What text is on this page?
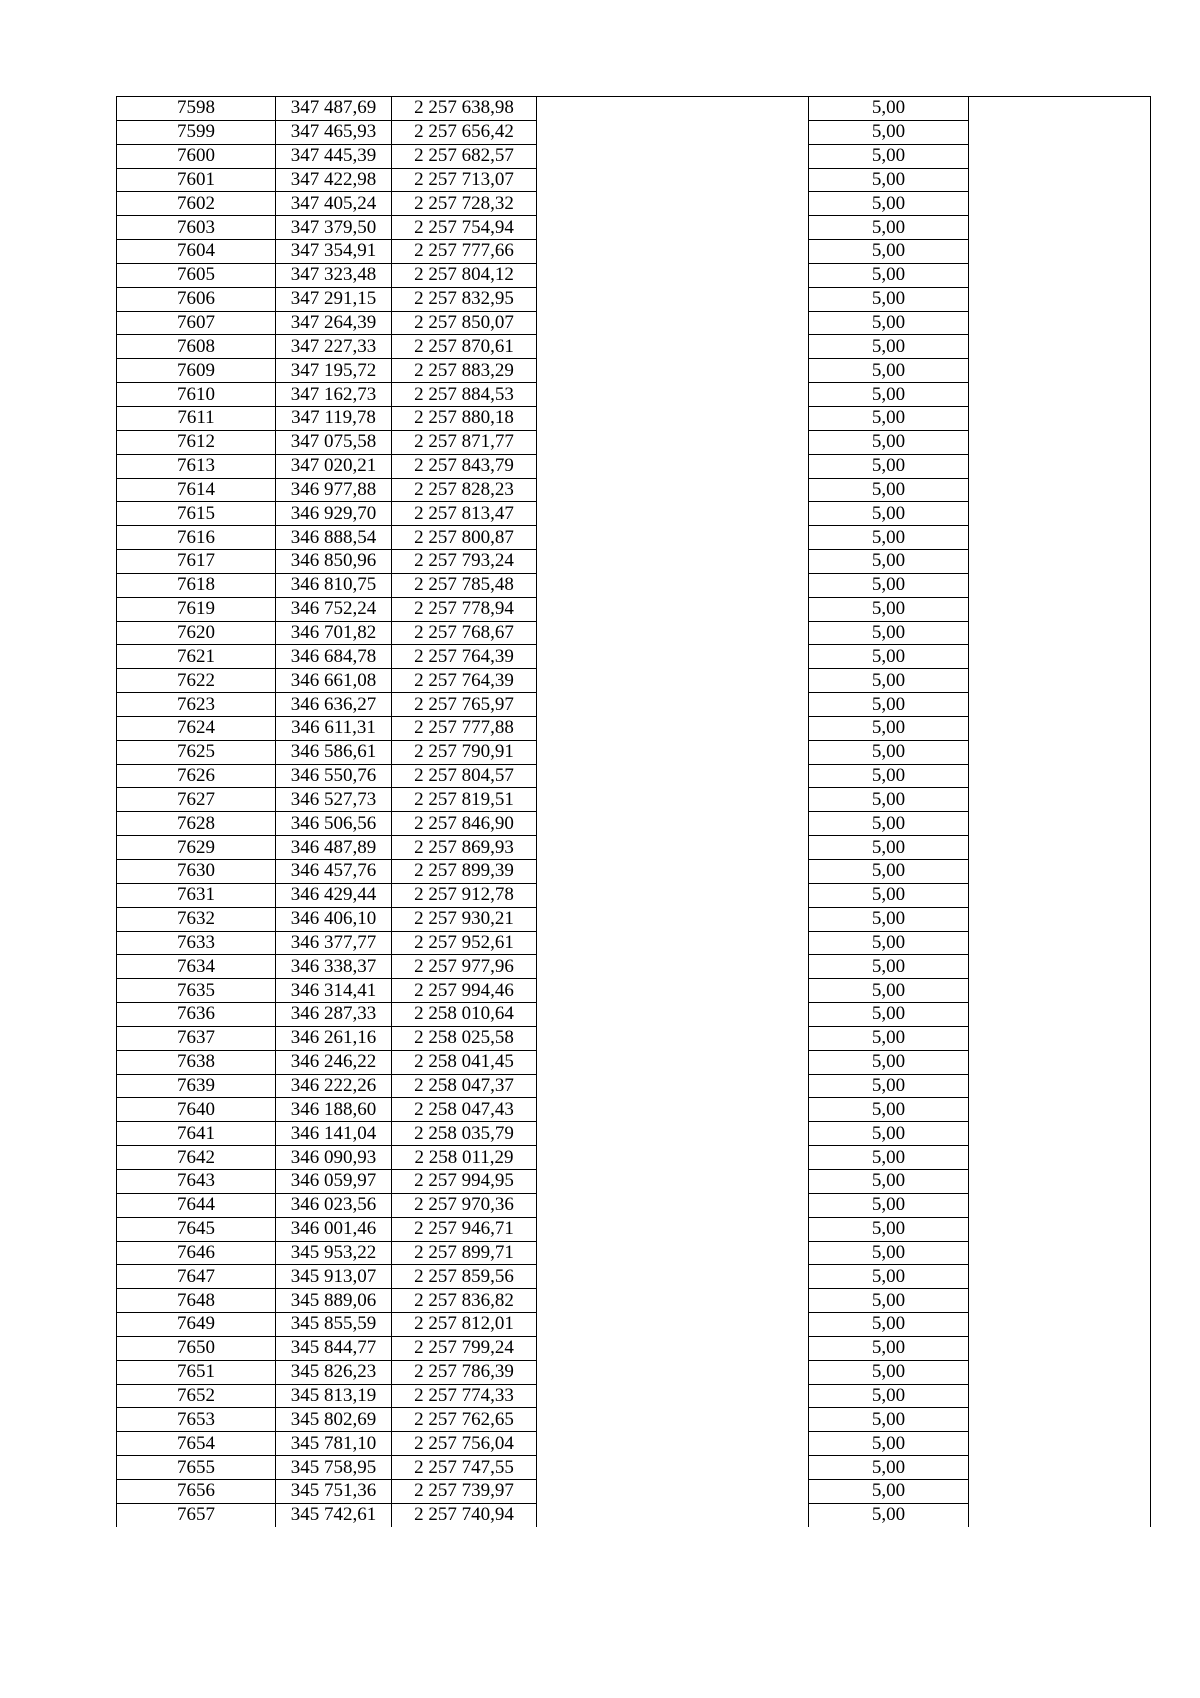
7598	347 487,69	2 257 638,98		5,00	
7599	347 465,93	2 257 656,42		5,00	
7600	347 445,39	2 257 682,57		5,00	
7601	347 422,98	2 257 713,07		5,00	
7602	347 405,24	2 257 728,32		5,00	
7603	347 379,50	2 257 754,94		5,00	
7604	347 354,91	2 257 777,66		5,00	
7605	347 323,48	2 257 804,12		5,00	
7606	347 291,15	2 257 832,95		5,00	
7607	347 264,39	2 257 850,07		5,00	
7608	347 227,33	2 257 870,61		5,00	
7609	347 195,72	2 257 883,29		5,00	
7610	347 162,73	2 257 884,53		5,00	
7611	347 119,78	2 257 880,18		5,00	
7612	347 075,58	2 257 871,77		5,00	
7613	347 020,21	2 257 843,79		5,00	
7614	346 977,88	2 257 828,23		5,00	
7615	346 929,70	2 257 813,47		5,00	
7616	346 888,54	2 257 800,87		5,00	
7617	346 850,96	2 257 793,24		5,00	
7618	346 810,75	2 257 785,48		5,00	
7619	346 752,24	2 257 778,94		5,00	
7620	346 701,82	2 257 768,67		5,00	
7621	346 684,78	2 257 764,39		5,00	
7622	346 661,08	2 257 764,39		5,00	
7623	346 636,27	2 257 765,97		5,00	
7624	346 611,31	2 257 777,88		5,00	
7625	346 586,61	2 257 790,91		5,00	
7626	346 550,76	2 257 804,57		5,00	
7627	346 527,73	2 257 819,51		5,00	
7628	346 506,56	2 257 846,90		5,00	
7629	346 487,89	2 257 869,93		5,00	
7630	346 457,76	2 257 899,39		5,00	
7631	346 429,44	2 257 912,78		5,00	
7632	346 406,10	2 257 930,21		5,00	
7633	346 377,77	2 257 952,61		5,00	
7634	346 338,37	2 257 977,96		5,00	
7635	346 314,41	2 257 994,46		5,00	
7636	346 287,33	2 258 010,64		5,00	
7637	346 261,16	2 258 025,58		5,00	
7638	346 246,22	2 258 041,45		5,00	
7639	346 222,26	2 258 047,37		5,00	
7640	346 188,60	2 258 047,43		5,00	
7641	346 141,04	2 258 035,79		5,00	
7642	346 090,93	2 258 011,29		5,00	
7643	346 059,97	2 257 994,95		5,00	
7644	346 023,56	2 257 970,36		5,00	
7645	346 001,46	2 257 946,71		5,00	
7646	345 953,22	2 257 899,71		5,00	
7647	345 913,07	2 257 859,56		5,00	
7648	345 889,06	2 257 836,82		5,00	
7649	345 855,59	2 257 812,01		5,00	
7650	345 844,77	2 257 799,24		5,00	
7651	345 826,23	2 257 786,39		5,00	
7652	345 813,19	2 257 774,33		5,00	
7653	345 802,69	2 257 762,65		5,00	
7654	345 781,10	2 257 756,04		5,00	
7655	345 758,95	2 257 747,55		5,00	
7656	345 751,36	2 257 739,97		5,00	
7657	345 742,61	2 257 740,94		5,00	
